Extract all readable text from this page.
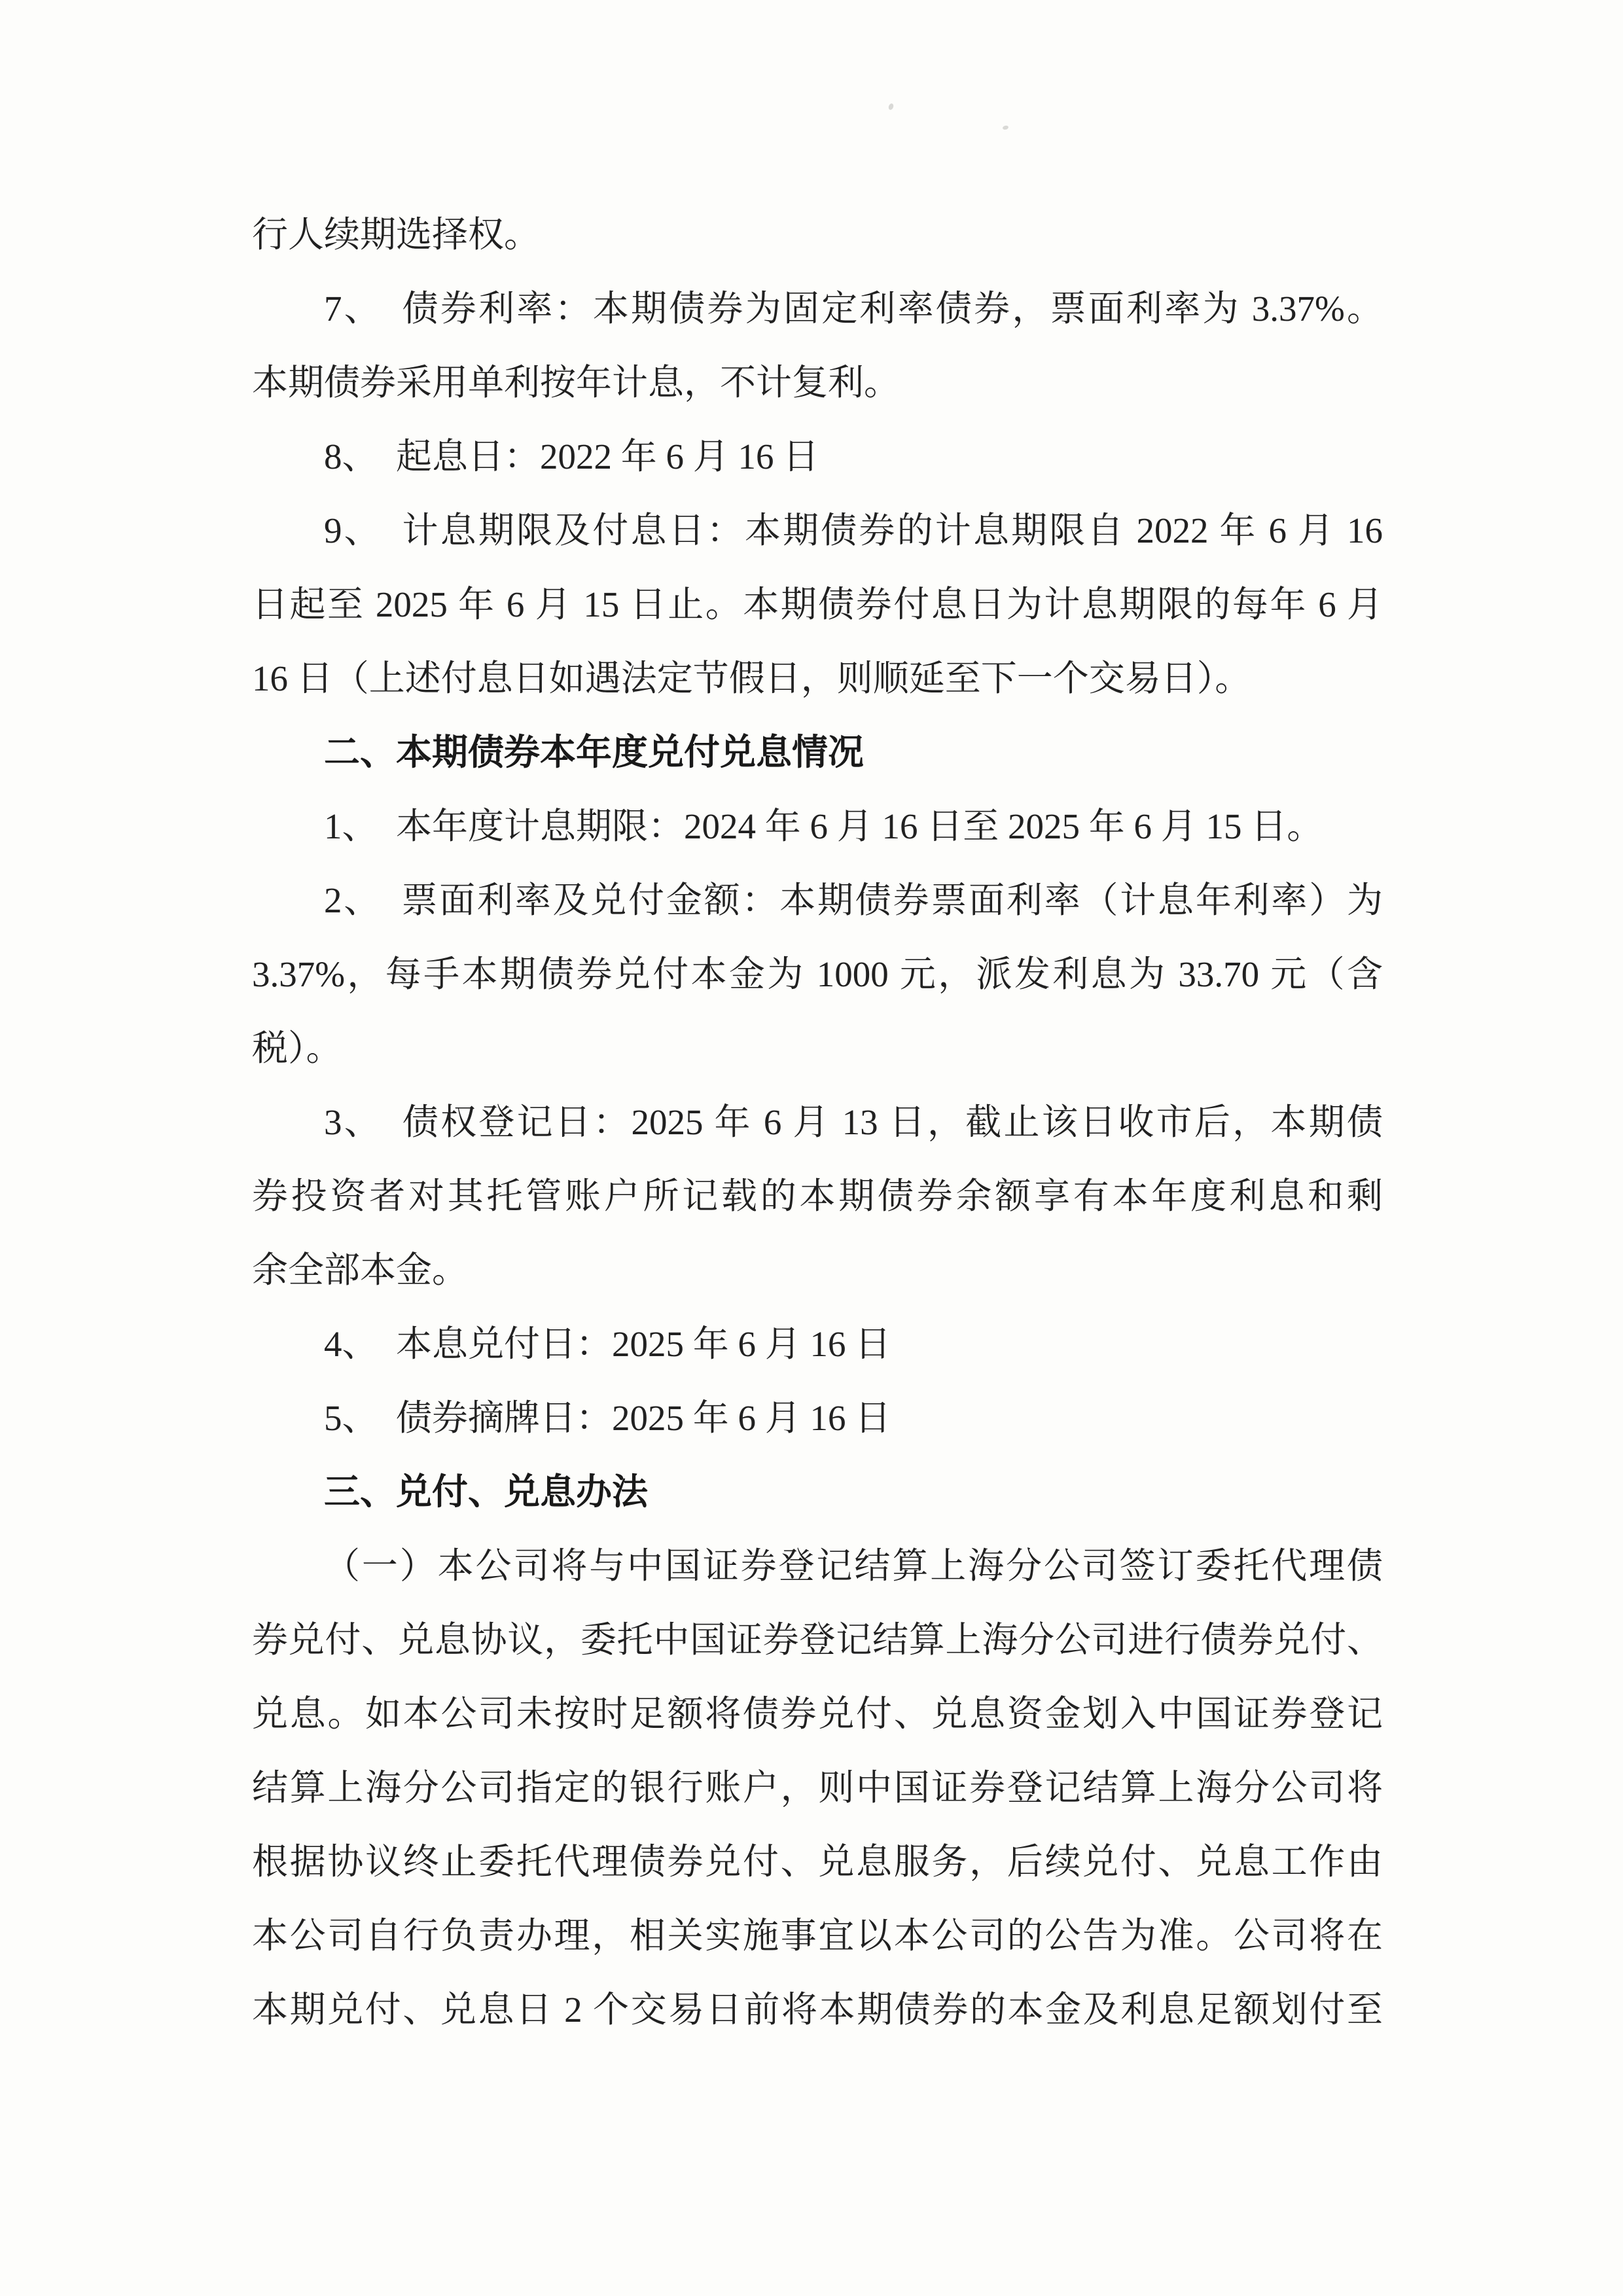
行人续期选择权。
7、　债券利率：本期债券为固定利率债券，票面利率为 3.37%。
本期债券采用单利按年计息，不计复利。
8、　起息日：2022 年 6 月 16 日
9、　计息期限及付息日：本期债券的计息期限自 2022 年 6 月 16
日起至 2025 年 6 月 15 日止。本期债券付息日为计息期限的每年 6 月
16 日（上述付息日如遇法定节假日，则顺延至下一个交易日）。
二、本期债券本年度兑付兑息情况
1、　本年度计息期限：2024 年 6 月 16 日至 2025 年 6 月 15 日。
2、　票面利率及兑付金额：本期债券票面利率（计息年利率）为
3.37%，每手本期债券兑付本金为 1000 元，派发利息为 33.70 元（含
税）。
3、　债权登记日：2025 年 6 月 13 日，截止该日收市后，本期债
券投资者对其托管账户所记载的本期债券余额享有本年度利息和剩
余全部本金。
4、　本息兑付日：2025 年 6 月 16 日
5、　债券摘牌日：2025 年 6 月 16 日
三、兑付、兑息办法
（一）本公司将与中国证券登记结算上海分公司签订委托代理债
券兑付、兑息协议，委托中国证券登记结算上海分公司进行债券兑付、
兑息。如本公司未按时足额将债券兑付、兑息资金划入中国证券登记
结算上海分公司指定的银行账户，则中国证券登记结算上海分公司将
根据协议终止委托代理债券兑付、兑息服务，后续兑付、兑息工作由
本公司自行负责办理，相关实施事宜以本公司的公告为准。公司将在
本期兑付、兑息日 2 个交易日前将本期债券的本金及利息足额划付至
